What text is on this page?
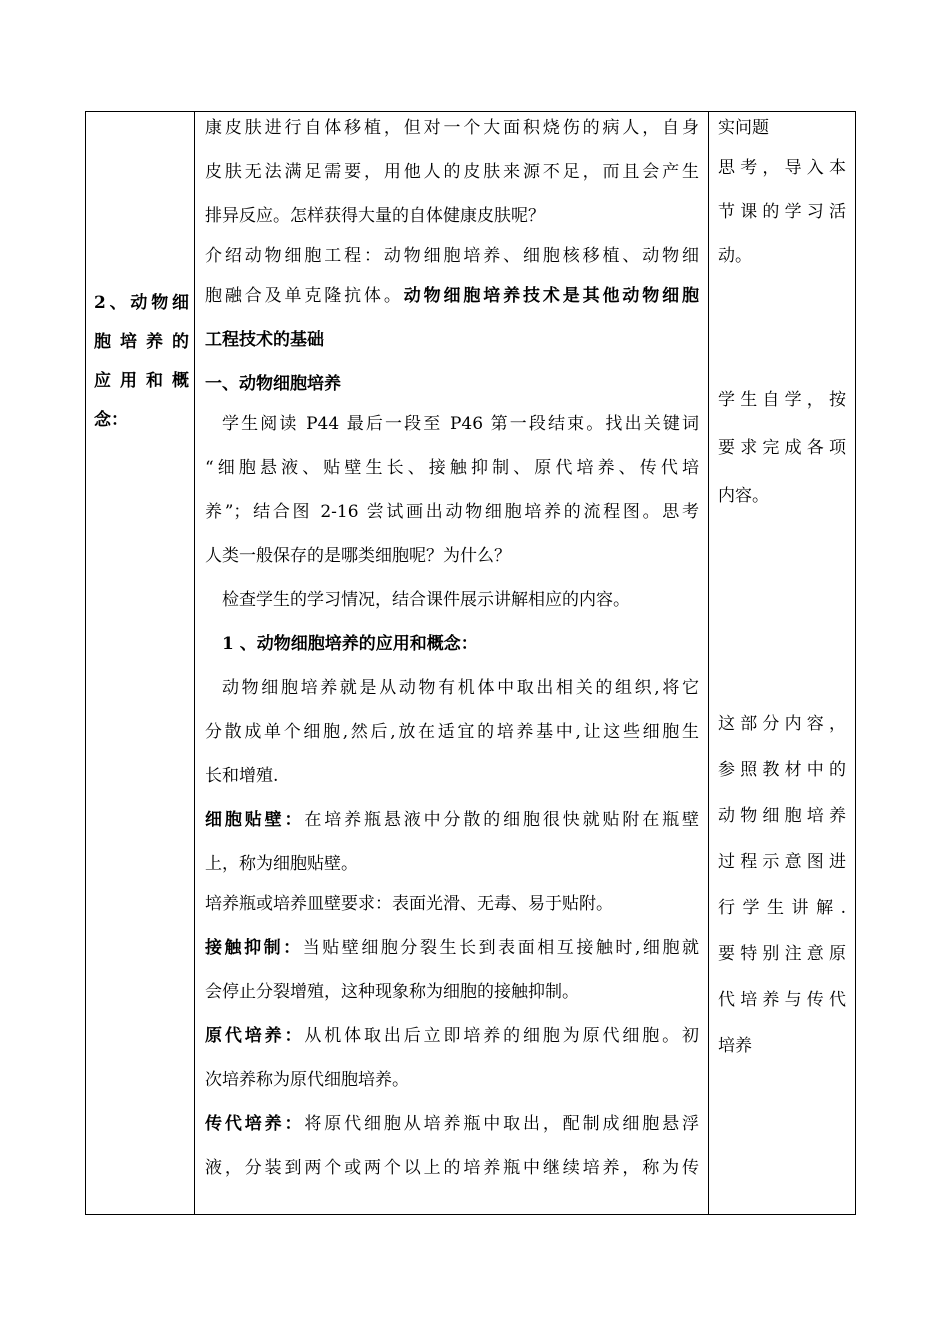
2、动物细
胞培养的
应用和概
念：
康皮肤进行自体移植，但对一个大面积烧伤的病人，自身
皮肤无法满足需要，用他人的皮肤来源不足，而且会产生
排异反应。怎样获得大量的自体健康皮肤呢？
介绍动物细胞工程：动物细胞培养、细胞核移植、动物细
胞融合及单克隆抗体。动物细胞培养技术是其他动物细胞
工程技术的基础
一、动物细胞培养
学生阅读 P44 最后一段至 P46 第一段结束。找出关键词
“细胞悬液、贴壁生长、接触抑制、原代培养、传代培
养”；结合图 2-16 尝试画出动物细胞培养的流程图。思考
人类一般保存的是哪类细胞呢？为什么？
检查学生的学习情况，结合课件展示讲解相应的内容。
1 、动物细胞培养的应用和概念：
动物细胞培养就是从动物有机体中取出相关的组织,将它
分散成单个细胞,然后,放在适宜的培养基中,让这些细胞生
长和增殖.
细胞贴壁：在培养瓶悬液中分散的细胞很快就贴附在瓶壁
上，称为细胞贴壁。
培养瓶或培养皿壁要求：表面光滑、无毒、易于贴附。
接触抑制：当贴壁细胞分裂生长到表面相互接触时,细胞就
会停止分裂增殖，这种现象称为细胞的接触抑制。
原代培养：从机体取出后立即培养的细胞为原代细胞。初
次培养称为原代细胞培养。
传代培养：将原代细胞从培养瓶中取出，配制成细胞悬浮
液，分装到两个或两个以上的培养瓶中继续培养，称为传
实问题
思考，导入本
节课的学习活
动。
学生自学，按
要求完成各项
内容。
这部分内容，
参照教材中的
动物细胞培养
过程示意图进
行学生讲解.
要特别注意原
代培养与传代
培养
